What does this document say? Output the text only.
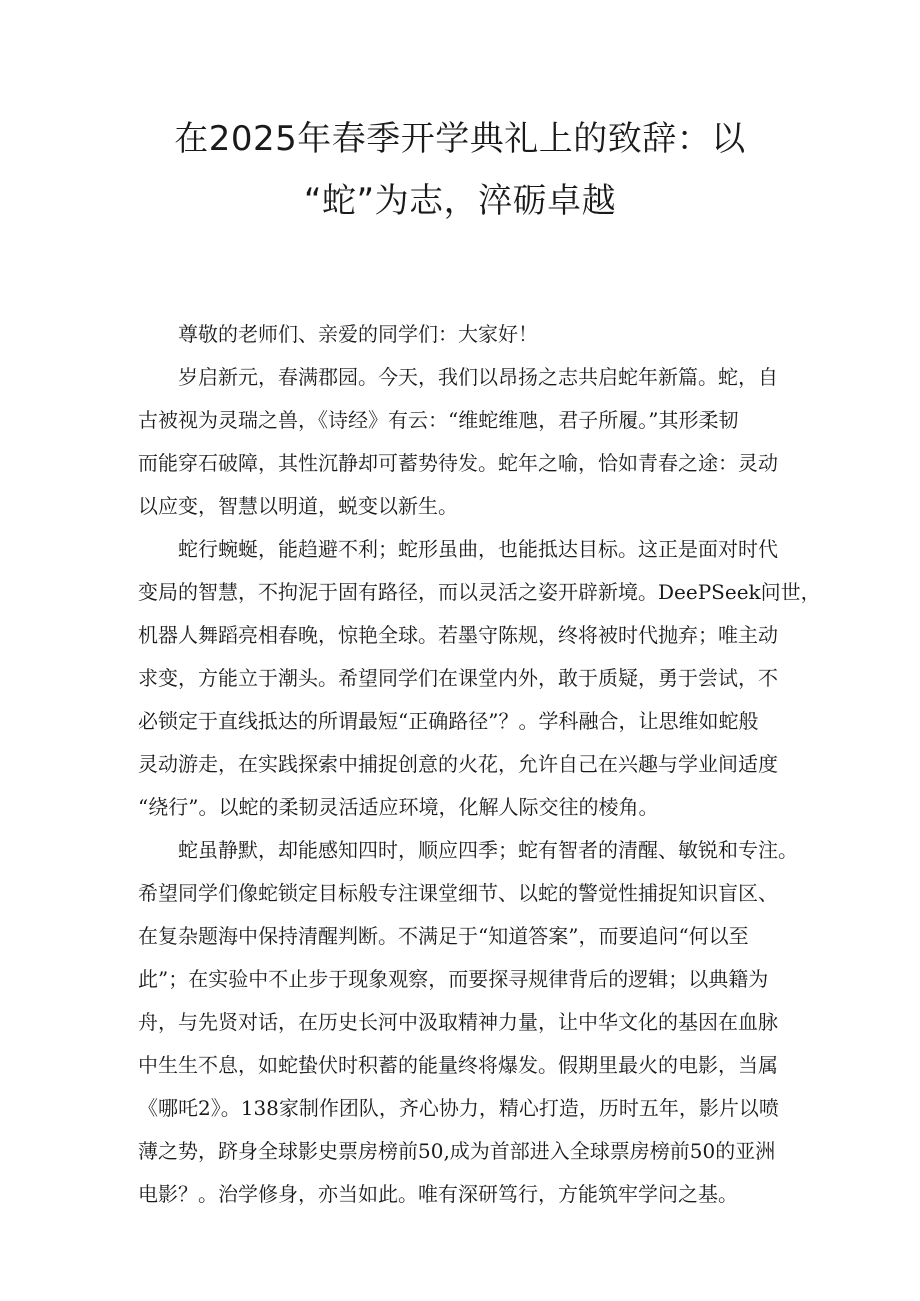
在2025年春季开学典礼上的致辞：以
“蛇”为志，淬砺卓越

尊敬的老师们、亲爱的同学们：大家好！

岁启新元，春满郡园。今天，我们以昂扬之志共启蛇年新篇。蛇，自
古被视为灵瑞之兽，《诗经》有云：“维蛇维虺，君子所履。”其形柔韧
而能穿石破障，其性沉静却可蓄势待发。蛇年之喻，恰如青春之途：灵动
以应变，智慧以明道，蜕变以新生。

蛇行蜿蜒，能趋避不利；蛇形虽曲，也能抵达目标。这正是面对时代
变局的智慧，不拘泥于固有路径，而以灵活之姿开辟新境。DeePSeek问世，
机器人舞蹈亮相春晚，惊艳全球。若墨守陈规，终将被时代抛弃；唯主动
求变，方能立于潮头。希望同学们在课堂内外，敢于质疑，勇于尝试，不
必锁定于直线抵达的所谓最短“正确路径”？。学科融合，让思维如蛇般
灵动游走，在实践探索中捕捉创意的火花，允许自己在兴趣与学业间适度
“绕行”。以蛇的柔韧灵活适应环境，化解人际交往的棱角。

蛇虽静默，却能感知四时，顺应四季；蛇有智者的清醒、敏锐和专注。
希望同学们像蛇锁定目标般专注课堂细节、以蛇的警觉性捕捉知识盲区、
在复杂题海中保持清醒判断。不满足于“知道答案”，而要追问“何以至
此”；在实验中不止步于现象观察，而要探寻规律背后的逻辑；以典籍为
舟，与先贤对话，在历史长河中汲取精神力量，让中华文化的基因在血脉
中生生不息，如蛇蛰伏时积蓄的能量终将爆发。假期里最火的电影，当属
《哪吒2》。138家制作团队，齐心协力，精心打造，历时五年，影片以喷
薄之势，跻身全球影史票房榜前50,成为首部进入全球票房榜前50的亚洲
电影？。治学修身，亦当如此。唯有深研笃行，方能筑牢学问之基。
